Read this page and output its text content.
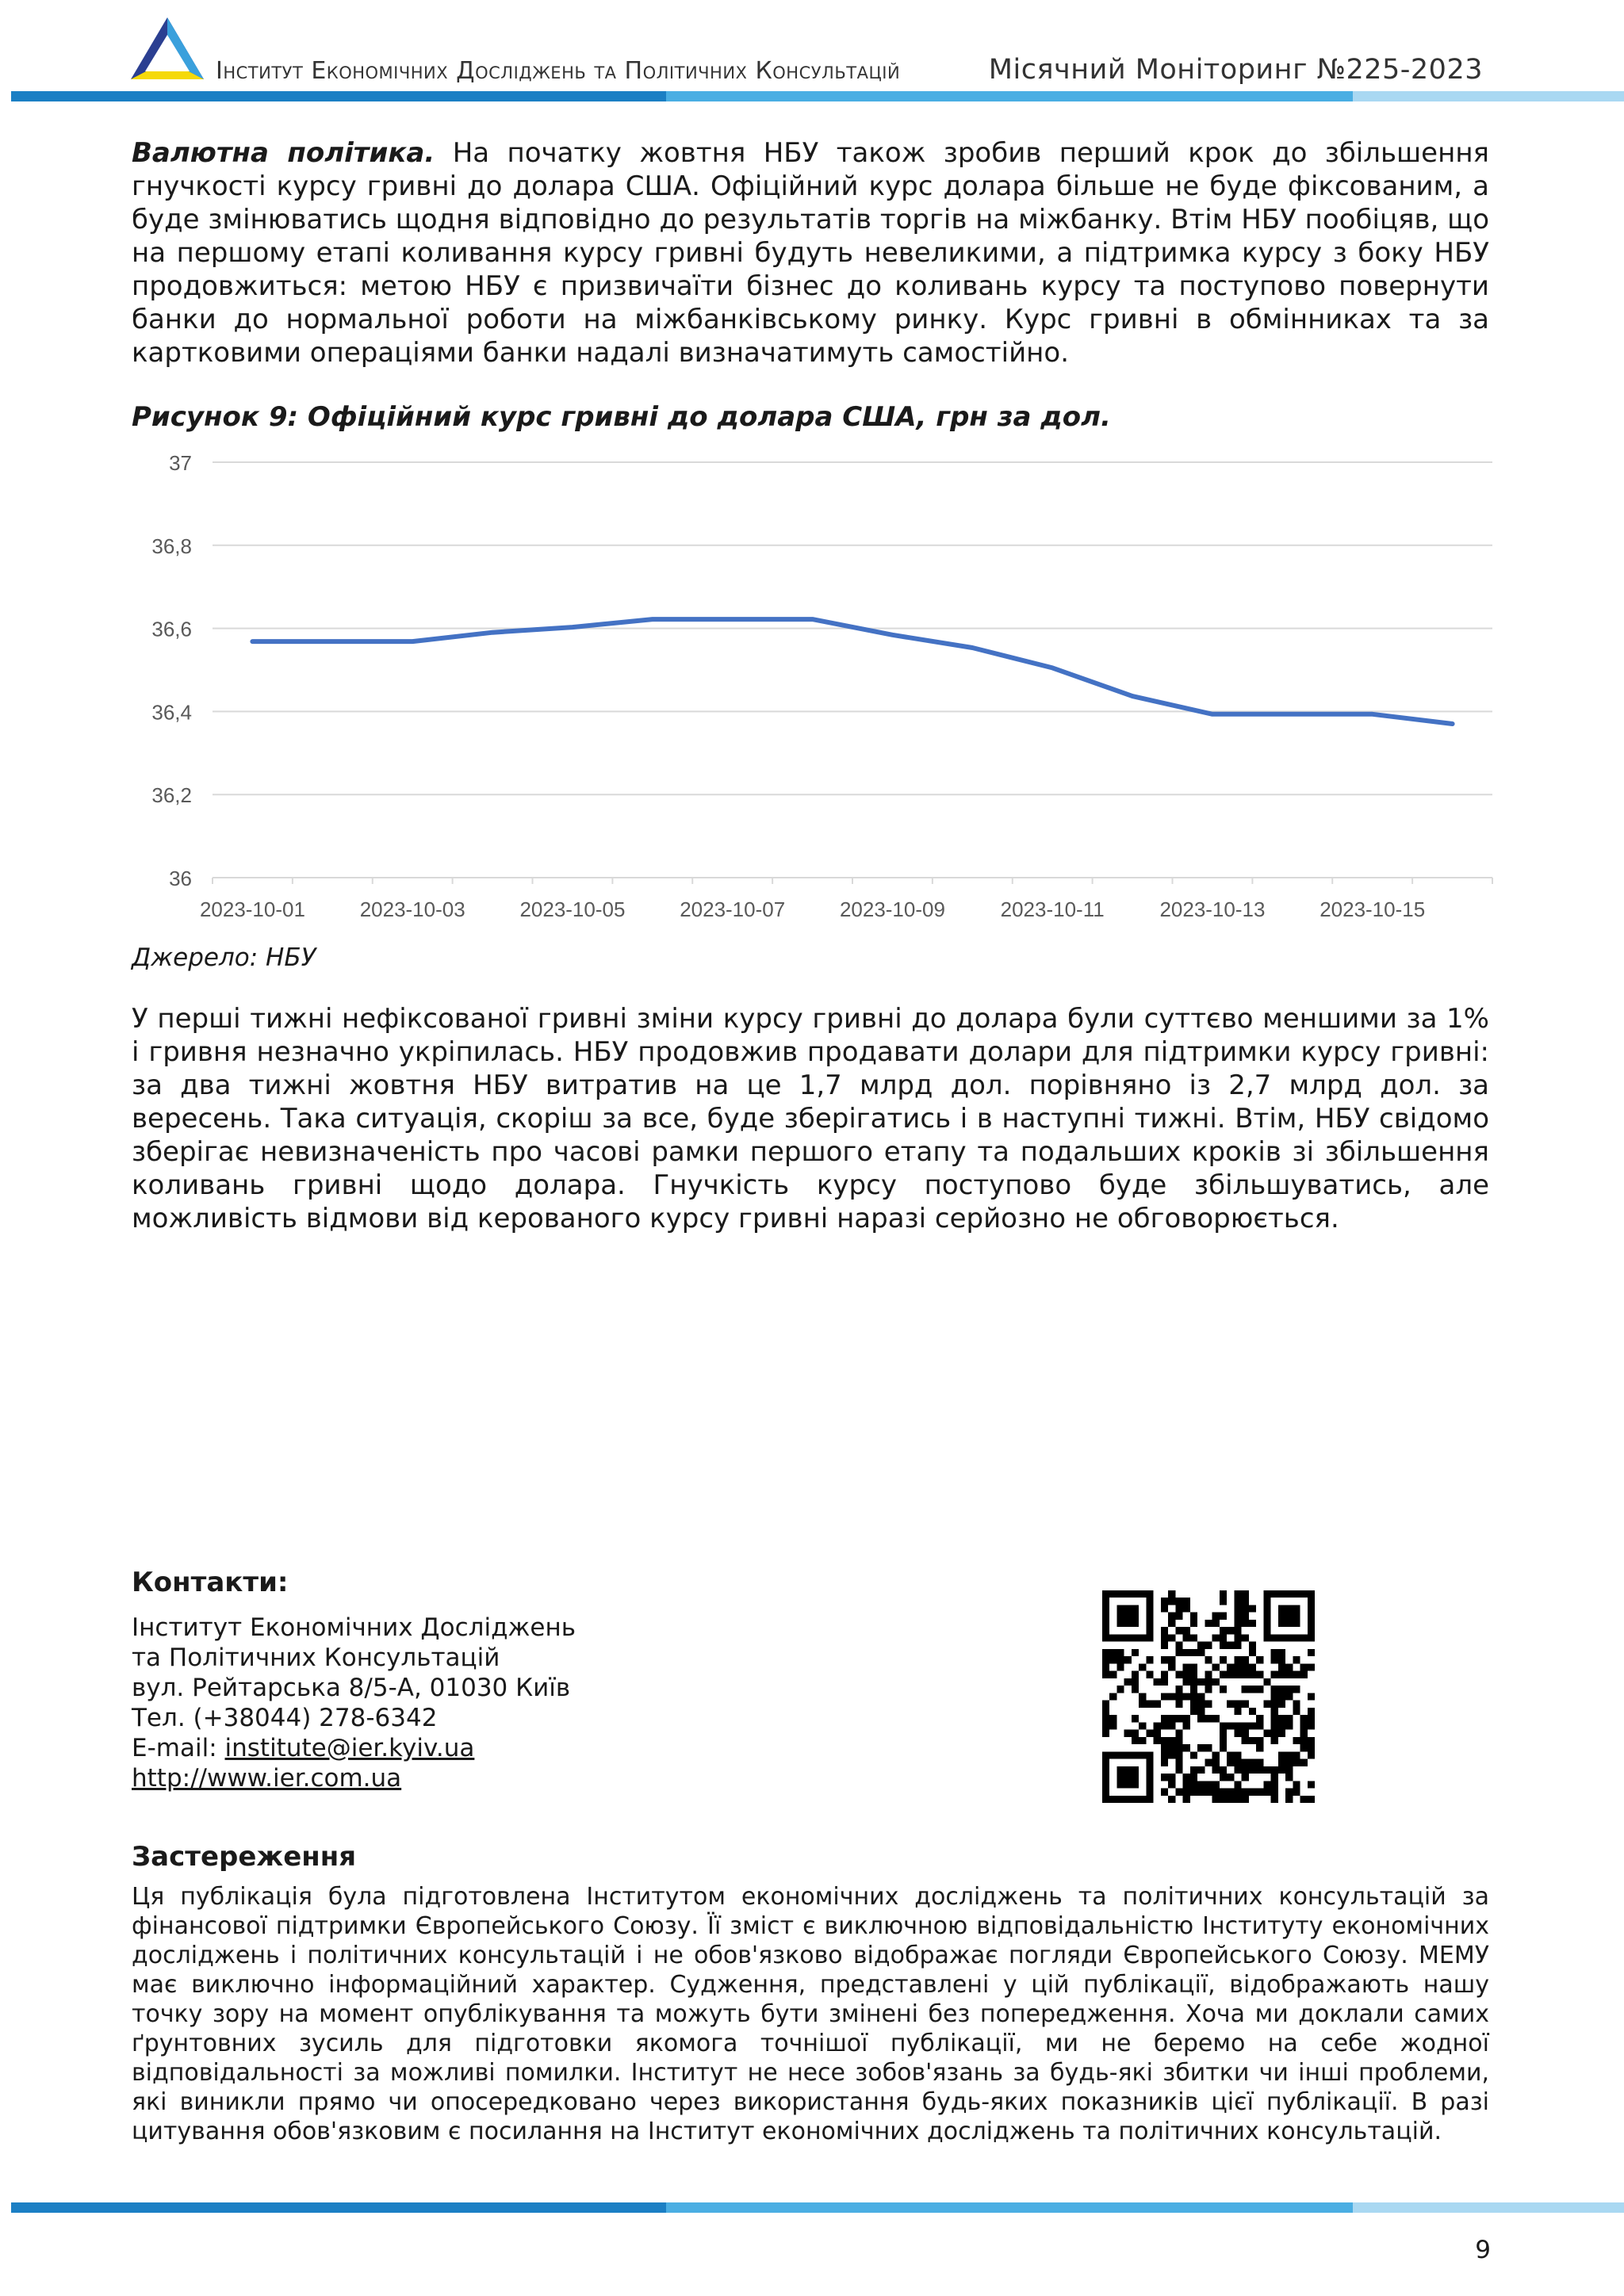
Інститут Економічних Досліджень та Політичних Консультацій	Місячний Моніторинг №225-2023

Валютна політика. На початку жовтня НБУ також зробив перший крок до збільшення гнучкості курсу гривні до долара США. Офіційний курс долара більше не буде фіксованим, а буде змінюватись щодня відповідно до результатів торгів на міжбанку. Втім НБУ пообіцяв, що на першому етапі коливання курсу гривні будуть невеликими, а підтримка курсу з боку НБУ продовжиться: метою НБУ є призвичаїти бізнес до коливань курсу та поступово повернути банки до нормальної роботи на міжбанківському ринку. Курс гривні в обмінниках та за картковими операціями банки надалі визначатимуть самостійно.

Рисунок 9: Офіційний курс гривні до долара США, грн за дол.

36
36,2
36,4
36,6
36,8
37
2023-10-01	2023-10-03	2023-10-05	2023-10-07	2023-10-09	2023-10-11	2023-10-13	2023-10-15

Джерело: НБУ

У перші тижні нефіксованої гривні зміни курсу гривні до долара були суттєво меншими за 1% і гривня незначно укріпилась. НБУ продовжив продавати долари для підтримки курсу гривні: за два тижні жовтня НБУ витратив на це 1,7 млрд дол. порівняно із 2,7 млрд дол. за вересень. Така ситуація, скоріш за все, буде зберігатись і в наступні тижні. Втім, НБУ свідомо зберігає невизначеність про часові рамки першого етапу та подальших кроків зі збільшення коливань гривні щодо долара. Гнучкість курсу поступово буде збільшуватись, але можливість відмови від керованого курсу гривні наразі серйозно не обговорюється.

Контакти:

Інститут Економічних Досліджень

та Політичних Консультацій

вул. Рейтарська 8/5-А, 01030 Київ

Тел. (+38044) 278-6342

E-mail: institute@ier.kyiv.ua

http://www.ier.com.ua

Застереження

Ця публікація була підготовлена Інститутом економічних досліджень та політичних консультацій за фінансової підтримки Європейського Союзу. Її зміст є виключною відповідальністю Інституту економічних досліджень і політичних консультацій і не обов'язково відображає погляди Європейського Союзу. MEMУ має виключно інформаційний характер. Судження, представлені у цій публікації, відображають нашу точку зору на момент опублікування та можуть бути змінені без попередження. Хоча ми доклали самих ґрунтовних зусиль для підготовки якомога точнішої публікації, ми не беремо на себе жодної відповідальності за можливі помилки. Інститут не несе зобов'язань за будь-які збитки чи інші проблеми, які виникли прямо чи опосередковано через використання будь-яких показників цієї публікації. В разі цитування обов'язковим є посилання на Інститут економічних досліджень та політичних консультацій.

9
